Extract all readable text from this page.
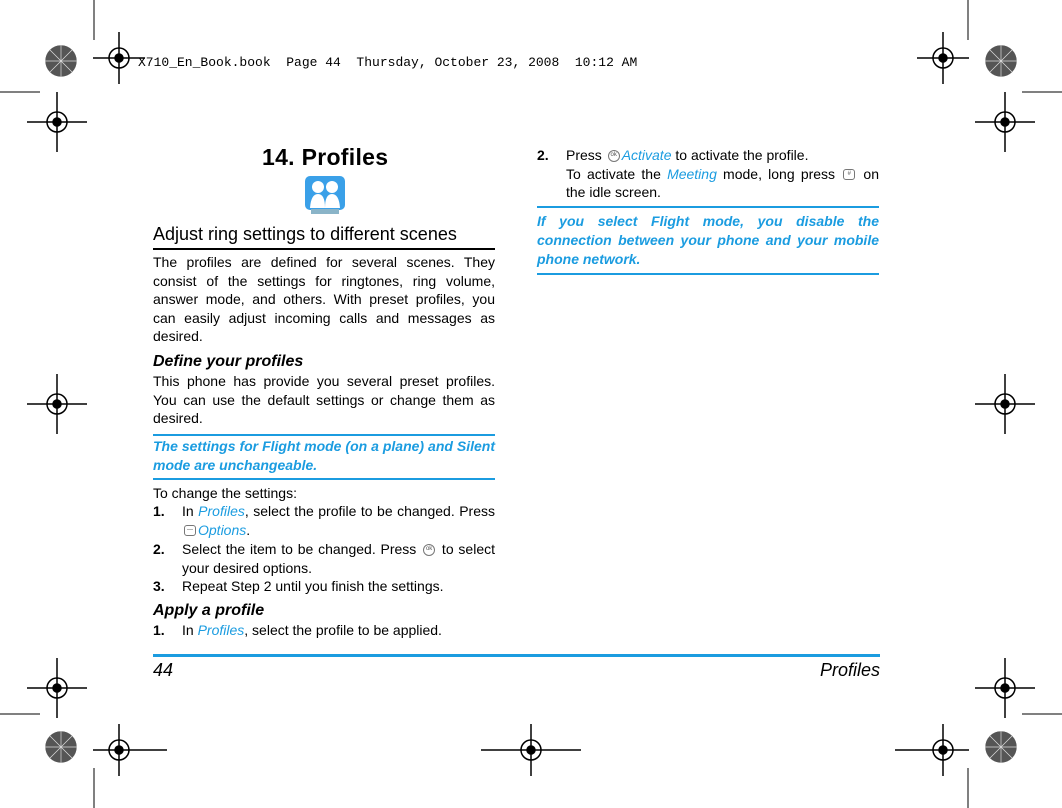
X710_En_Book.book  Page 44  Thursday, October 23, 2008  10:12 AM
14. Profiles
Adjust ring settings to different scenes
The profiles are defined for several scenes. They consist of the settings for ringtones, ring volume, answer mode, and others. With preset profiles, you can easily adjust incoming calls and messages as desired.
Define your profiles
This phone has provide you several preset profiles. You can use the default settings or change them as desired.
The settings for Flight mode (on a plane) and Silent mode are unchangeable.
To change the settings:
1.	In Profiles, select the profile to be changed. Press — Options.
2.	Select the item to be changed. Press ok to select your desired options.
3.	Repeat Step 2 until you finish the settings.
Apply a profile
1.	In Profiles, select the profile to be applied.
2.	Press ok Activate to activate the profile.
To activate the Meeting mode, long press # on the idle screen.
If you select Flight mode, you disable the connection between your phone and your mobile phone network.
44	Profiles
